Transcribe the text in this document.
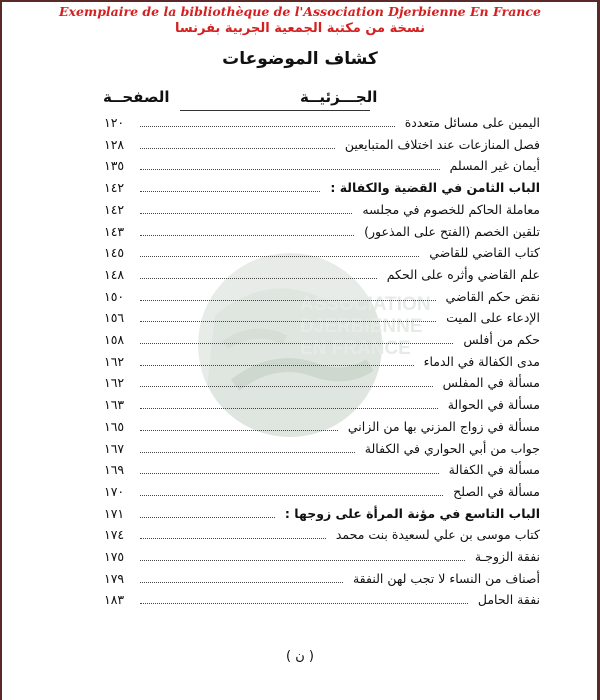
Exemplaire de la bibliothèque de l'Association Djerbienne En France
نسخة من مكتبة الجمعية الجربية بفرنسا
كشاف الموضوعات
الجـــزئيــة
الصفحــة
ASSOCIATION
DJERBIENNE
EN FRANCE
اليمين على مسائل متعددة
١٢٠
فصل المنازعات عند اختلاف المتبايعين
١٢٨
أيمان غير المسلم
١٣٥
الباب الثامن في القضية والكفالة :
١٤٢
معاملة الحاكم للخصوم في مجلسه
١٤٢
تلقين الخصم (الفتح على المذعور)
١٤٣
كتاب القاضي للقاضي
١٤٥
علم القاضي وأثره على الحكم
١٤٨
نقض حكم القاضي
١٥٠
الإدعاء على الميت
١٥٦
حكم من أفلس
١٥٨
مدى الكفالة في الدماء
١٦٢
مسألة في المفلس
١٦٢
مسألة في الحوالة
١٦٣
مسألة في زواج المزني بها من الزاني
١٦٥
جواب من أبي الحواري في الكفالة
١٦٧
مسألة في الكفالة
١٦٩
مسألة في الصلح
١٧٠
الباب التاسع في مؤنة المرأة على زوجها :
١٧١
كتاب موسى بن علي لسعيدة بنت محمد
١٧٤
نفقة الزوجـة
١٧٥
أصناف من النساء لا تجب لهن النفقة
١٧٩
نفقة الحامل
١٨٣
( ن )
